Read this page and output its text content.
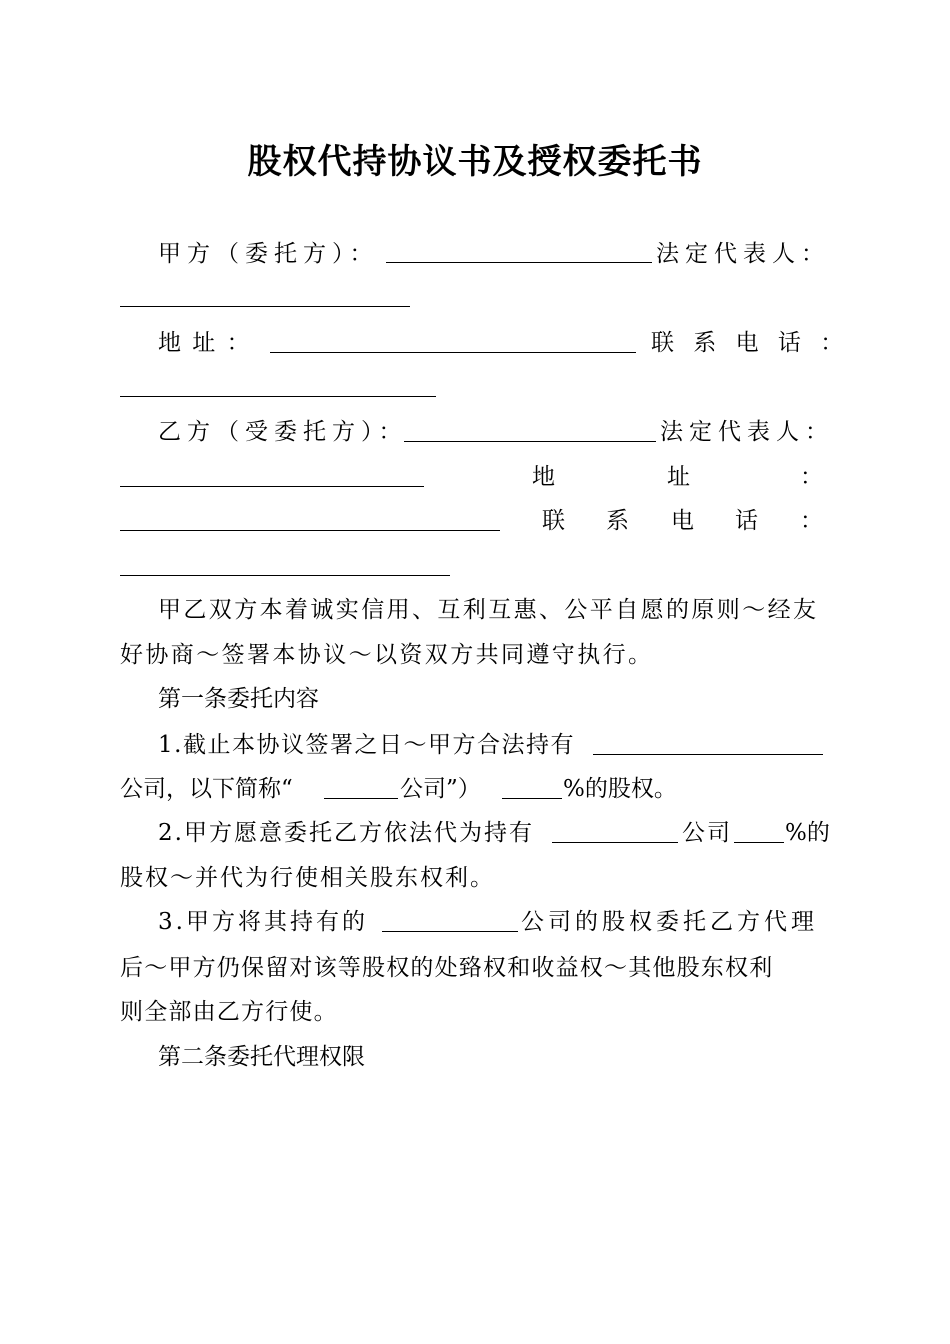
股权代持协议书及授权委托书
甲方（委托方）：	法定代表人：
地 址 ：	联 系 电 话 ：
乙方（受委托方）：	法定代表人：
地	址	：
联 系 电 话 ：
甲乙双方本着诚实信用、互利互惠、公平自愿的原则～经友
好协商～签署本协议～以资双方共同遵守执行。
第一条委托内容
1.截止本协议签署之日～甲方合法持有
公司，以下简称“	公司”）	%的股权。
2.甲方愿意委托乙方依法代为持有	公司 %的
股权～并代为行使相关股东权利。
3.甲方将其持有的	公司的股权委托乙方代理
后～甲方仍保留对该等股权的处臵权和收益权～其他股东权利
则全部由乙方行使。
第二条委托代理权限
